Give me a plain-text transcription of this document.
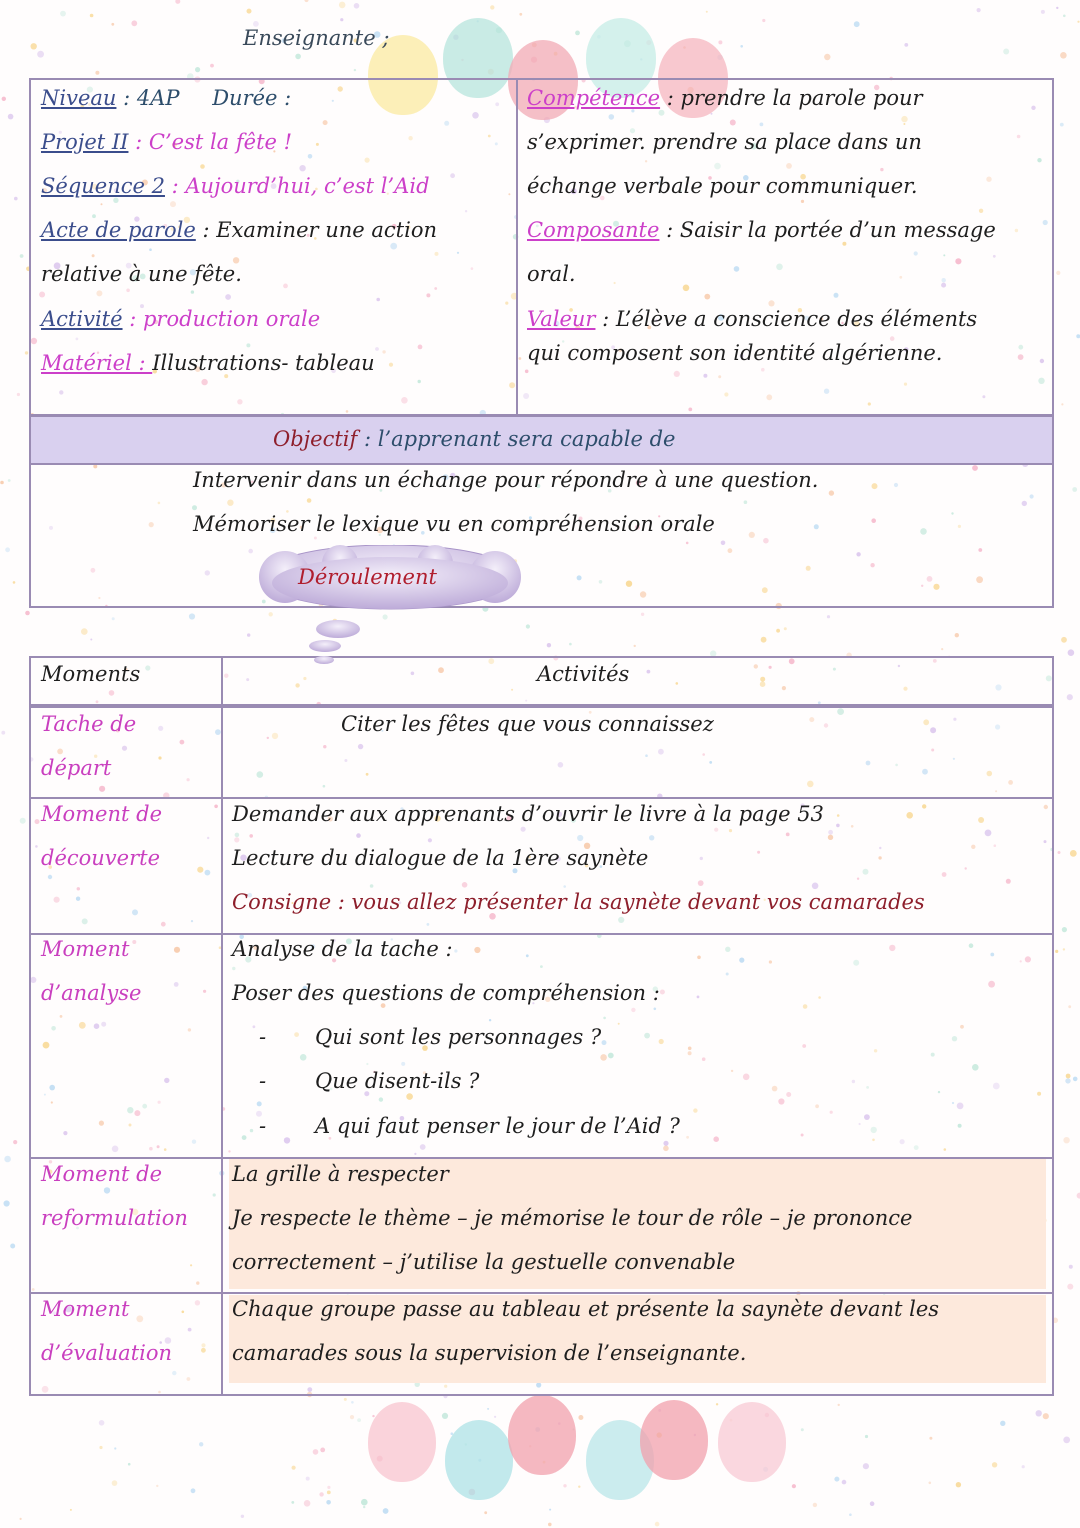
Enseignante ;
Niveau : 4AP Durée :
Projet II : C’est la fête !
Séquence 2 : Aujourd’hui, c’est l’Aid
Acte de parole : Examiner une action
relative à une fête.
Activité : production orale
Matériel : Illustrations- tableau
Compétence : prendre la parole pour
s’exprimer. prendre sa place dans un
échange verbale pour communiquer.
Composante : Saisir la portée d’un message
oral.
Valeur : L’élève a conscience des éléments
qui composent son identité algérienne.
Objectif : l’apprenant sera capable de
Intervenir dans un échange pour répondre à une question.
Mémoriser le lexique vu en compréhension orale
Déroulement
Moments	Activités
Tache de
départ
Citer les fêtes que vous connaissez
Moment de
découverte
Demander aux apprenants d’ouvrir le livre à la page 53
Lecture du dialogue de la 1ère saynète
Consigne : vous allez présenter la saynète devant vos camarades
Moment
d’analyse
Analyse de la tache :
Poser des questions de compréhension :
- Qui sont les personnages ?
- Que disent-ils ?
- A qui faut penser le jour de l’Aid ?
Moment de
reformulation
La grille à respecter
Je respecte le thème – je mémorise le tour de rôle – je prononce
correctement – j’utilise la gestuelle convenable
Moment
d’évaluation
Chaque groupe passe au tableau et présente la saynète devant les
camarades sous la supervision de l’enseignante.
